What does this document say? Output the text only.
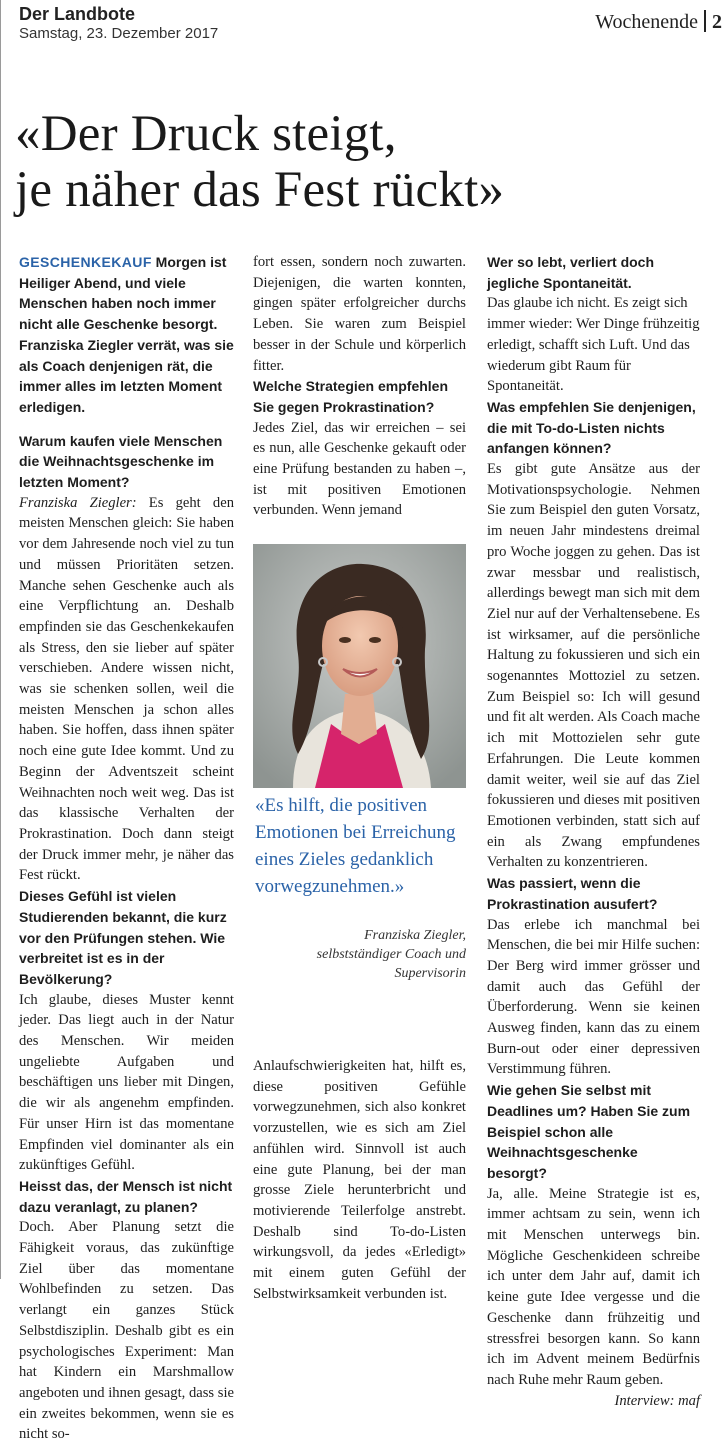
Der Landbote
Samstag, 23. Dezember 2017
Wochenende 2
«Der Druck steigt,
je näher das Fest rückt»

GESCHENKEKAUF Morgen ist Heiliger Abend, und viele Menschen haben noch immer nicht alle Geschenke besorgt. Franziska Ziegler verrät, was sie als Coach denjenigen rät, die immer alles im letzten Moment erledigen.

Warum kaufen viele Menschen die Weihnachtsgeschenke im letzten Moment?

Franziska Ziegler: Es geht den meisten Menschen gleich: Sie haben vor dem Jahresende noch viel zu tun und müssen Prioritäten setzen. Manche sehen Geschenke auch als eine Verpflichtung an. Deshalb empfinden sie das Geschenkekaufen als Stress, den sie lieber auf später verschieben. Andere wissen nicht, was sie schenken sollen, weil die meisten Menschen ja schon alles haben. Sie hoffen, dass ihnen später noch eine gute Idee kommt. Und zu Beginn der Adventszeit scheint Weihnachten noch weit weg. Das ist das klassische Verhalten der Prokrastination. Doch dann steigt der Druck immer mehr, je näher das Fest rückt.

Dieses Gefühl ist vielen Studierenden bekannt, die kurz vor den Prüfungen stehen. Wie verbreitet ist es in der Bevölkerung?

Ich glaube, dieses Muster kennt jeder. Das liegt auch in der Natur des Menschen. Wir meiden ungeliebte Aufgaben und beschäftigen uns lieber mit Dingen, die wir als angenehm empfinden. Für unser Hirn ist das momentane Empfinden viel dominanter als ein zukünftiges Gefühl.

Heisst das, der Mensch ist nicht dazu veranlagt, zu planen?

Doch. Aber Planung setzt die Fähigkeit voraus, das zukünftige Ziel über das momentane Wohlbefinden zu setzen. Das verlangt ein ganzes Stück Selbstdisziplin. Deshalb gibt es ein psychologisches Experiment: Man hat Kindern ein Marshmallow angeboten und ihnen gesagt, dass sie ein zweites bekommen, wenn sie es nicht so-

fort essen, sondern noch zuwarten. Diejenigen, die warten konnten, gingen später erfolgreicher durchs Leben. Sie waren zum Beispiel besser in der Schule und körperlich fitter.

Welche Strategien empfehlen Sie gegen Prokrastination?

Jedes Ziel, das wir erreichen – sei es nun, alle Geschenke gekauft oder eine Prüfung bestanden zu haben –, ist mit positiven Emotionen verbunden. Wenn jemand

«Es hilft, die positiven Emotionen bei Erreichung eines Zieles gedanklich vorwegzunehmen.»
Franziska Ziegler,
selbstständiger Coach und Supervisorin

Anlaufschwierigkeiten hat, hilft es, diese positiven Gefühle vorwegzunehmen, sich also konkret vorzustellen, wie es sich am Ziel anfühlen wird. Sinnvoll ist auch eine gute Planung, bei der man grosse Ziele herunterbricht und motivierende Teilerfolge anstrebt. Deshalb sind To-do-Listen wirkungsvoll, da jedes «Erledigt» mit einem guten Gefühl der Selbstwirksamkeit verbunden ist.

Wer so lebt, verliert doch jegliche Spontaneität.

Das glaube ich nicht. Es zeigt sich immer wieder: Wer Dinge frühzeitig erledigt, schafft sich Luft. Und das wiederum gibt Raum für Spontaneität.

Was empfehlen Sie denjenigen, die mit To-do-Listen nichts anfangen können?

Es gibt gute Ansätze aus der Motivationspsychologie. Nehmen Sie zum Beispiel den guten Vorsatz, im neuen Jahr mindestens dreimal pro Woche joggen zu gehen. Das ist zwar messbar und realistisch, allerdings bewegt man sich mit dem Ziel nur auf der Verhaltensebene. Es ist wirksamer, auf die persönliche Haltung zu fokussieren und sich ein sogenanntes Mottoziel zu setzen. Zum Beispiel so: Ich will gesund und fit alt werden. Als Coach mache ich mit Mottozielen sehr gute Erfahrungen. Die Leute kommen damit weiter, weil sie auf das Ziel fokussieren und dieses mit positiven Emotionen verbinden, statt sich auf ein als Zwang empfundenes Verhalten zu konzentrieren.

Was passiert, wenn die Prokrastination ausufert?

Das erlebe ich manchmal bei Menschen, die bei mir Hilfe suchen: Der Berg wird immer grösser und damit auch das Gefühl der Überforderung. Wenn sie keinen Ausweg finden, kann das zu einem Burn-out oder einer depressiven Verstimmung führen.

Wie gehen Sie selbst mit Deadlines um? Haben Sie zum Beispiel schon alle Weihnachtsgeschenke besorgt?

Ja, alle. Meine Strategie ist es, immer achtsam zu sein, wenn ich mit Menschen unterwegs bin. Mögliche Geschenkideen schreibe ich unter dem Jahr auf, damit ich keine gute Idee vergesse und die Geschenke dann frühzeitig und stressfrei besorgen kann. So kann ich im Advent meinem Bedürfnis nach Ruhe mehr Raum geben.

Interview: maf
